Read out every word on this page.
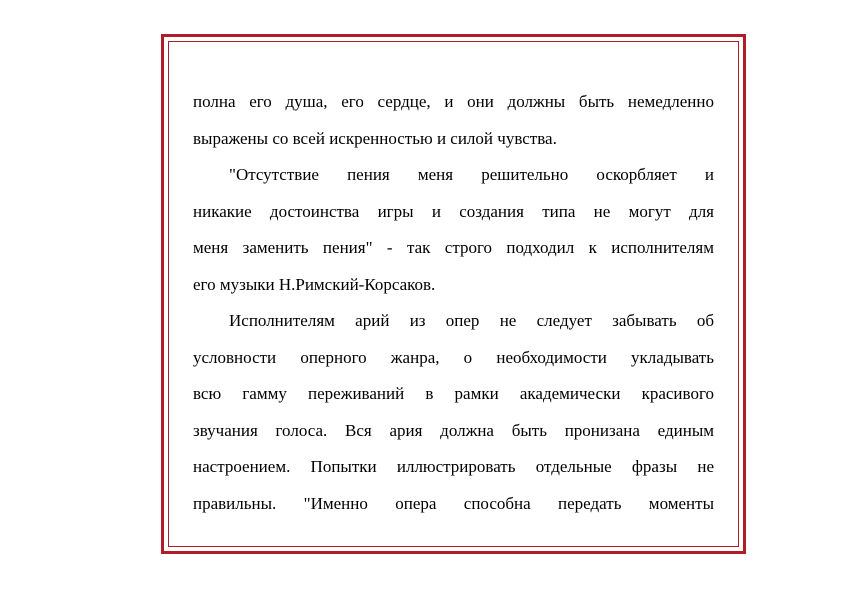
полна его душа, его сердце, и они должны быть немедленно
выражены со всей искренностью и силой чувства.
"Отсутствие пения меня решительно оскорбляет и
никакие достоинства игры и создания типа не могут для
меня заменить пения" - так строго подходил к исполнителям
его музыки Н.Римский-Корсаков.
Исполнителям арий из опер не следует забывать об
условности оперного жанра, о необходимости укладывать
всю гамму переживаний в рамки академически красивого
звучания голоса. Вся ария должна быть пронизана единым
настроением. Попытки иллюстрировать отдельные фразы не
правильны. "Именно опера способна передать моменты
